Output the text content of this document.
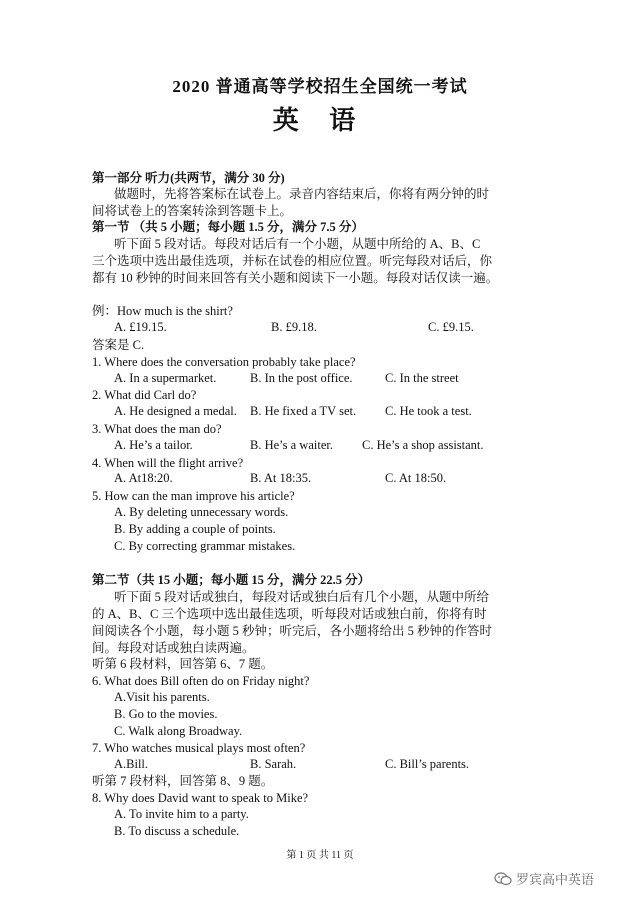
2020 普通高等学校招生全国统一考试
英 语
第一部分 听力(共两节，满分 30 分)
做题时，先将答案标在试卷上。录音内容结束后，你将有两分钟的时
间将试卷上的答案转涂到答题卡上。
第一节 （共 5 小题；每小题 1.5 分，满分 7.5 分）
听下面 5 段对话。每段对话后有一个小题，从题中所给的 A、B、C
三个选项中选出最佳选项，并标在试卷的相应位置。听完每段对话后，你
都有 10 秒钟的时间来回答有关小题和阅读下一小题。每段对话仅读一遍。
例：How much is the shirt?
A. £19.15.	B. £9.18.	C. £9.15.
答案是 C.
1. Where does the conversation probably take place?
A. In a supermarket.	B. In the post office.	C. In the street
2. What did Carl do?
A. He designed a medal. B. He fixed a TV set. C. He took a test.
3. What does the man do?
A. He’s a tailor.	B. He’s a waiter. C. He’s a shop assistant.
4. When will the flight arrive?
A. At18:20.	B. At 18:35.	C. At 18:50.
5. How can the man improve his article?
A. By deleting unnecessary words.
B. By adding a couple of points.
C. By correcting grammar mistakes.
第二节（共 15 小题；每小题 15 分，满分 22.5 分）
听下面 5 段对话或独白，每段对话或独白后有几个小题，从题中所给
的 A、B、C 三个选项中选出最佳选项，听每段对话或独白前，你将有时
间阅读各个小题，每小题 5 秒钟；听完后，各小题将给出 5 秒钟的作答时
间。每段对话或独白读两遍。
听第 6 段材料，回答第 6、7 题。
6. What does Bill often do on Friday night?
A.Visit his parents.
B. Go to the movies.
C. Walk along Broadway.
7. Who watches musical plays most often?
A.Bill.	B. Sarah.	C. Bill’s parents.
听第 7 段材料，回答第 8、9 题。
8. Why does David want to speak to Mike?
A. To invite him to a party.
B. To discuss a schedule.
第 1 页 共 11 页
罗宾高中英语
